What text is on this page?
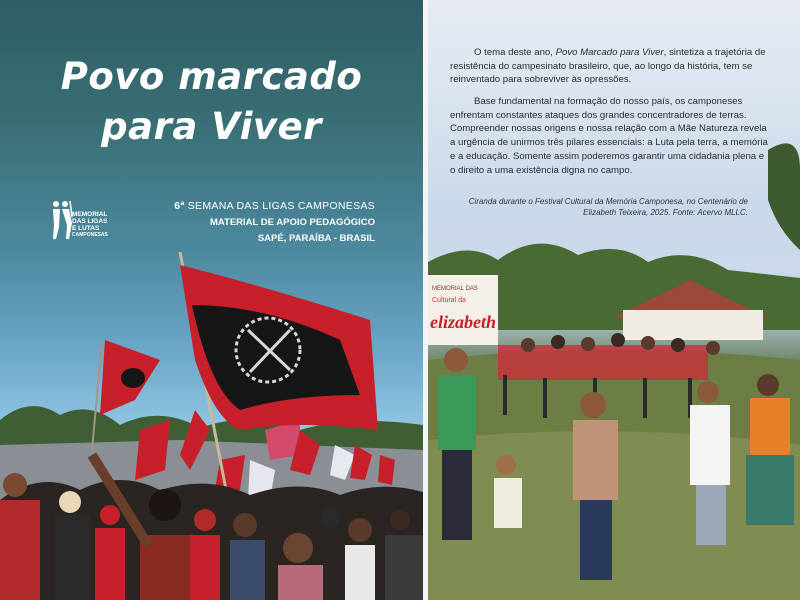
Povo marcado
para Viver
MEMORIAL
DAS LIGAS
E LUTAS
CAMPONESAS
6ª SEMANA DAS LIGAS CAMPONESAS
MATERIAL DE APOIO PEDAGÓGICO
SAPÉ, PARAÍBA - BRASIL
MEMORIAL DAS
Cultural da
elizabeth
O tema deste ano, Povo Marcado para Viver, sintetiza a trajetória de resistência do campesinato brasileiro, que, ao longo da história, tem se reinventado para sobreviver às opressões.
Base fundamental na formação do nosso país, os camponeses enfrentam constantes ataques dos grandes concentradores de terras. Compreender nossas origens e nossa relação com a Mãe Natureza revela a urgência de unirmos três pilares essenciais: a Luta pela terra, a memória e a educação. Somente assim poderemos garantir uma cidadania plena e o direito a uma existência digna no campo.
Ciranda durante o Festival Cultural da Memória Camponesa, no Centenário de Elizabeth Teixeira, 2025. Fonte: Acervo MLLC.
